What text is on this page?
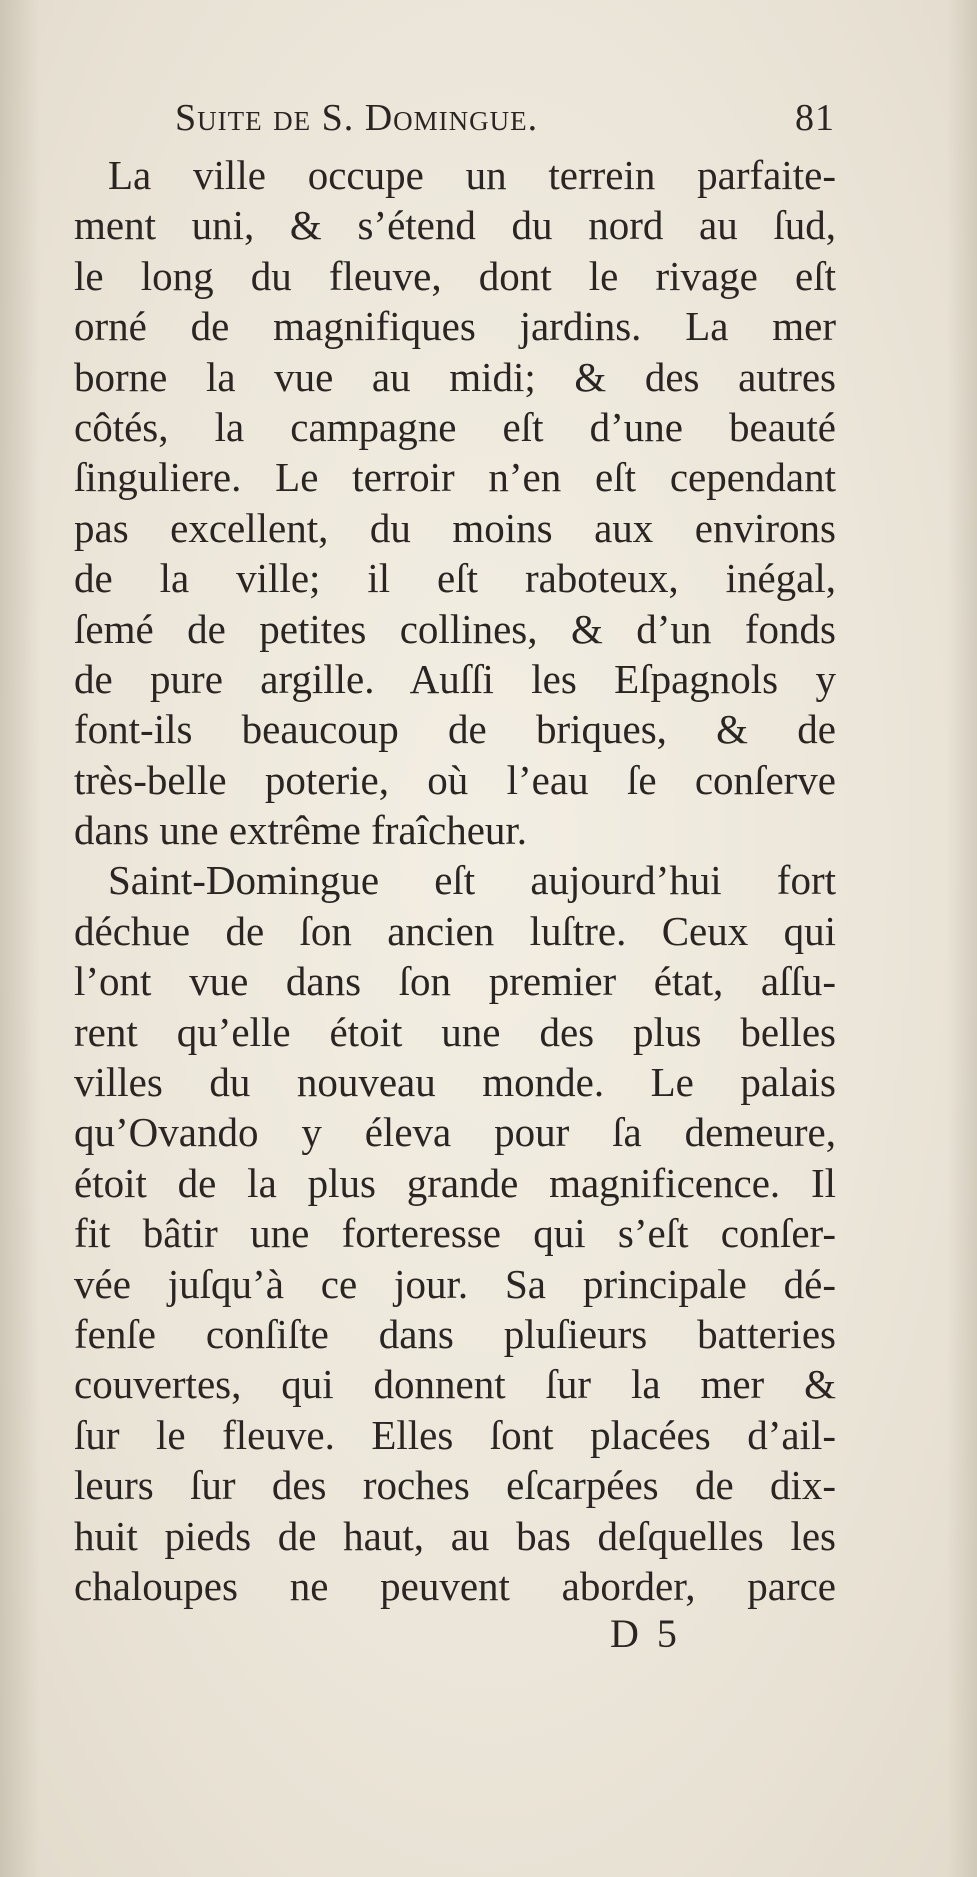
Suite de S. Domingue.	81
La ville occupe un terrein parfaite-
ment uni, & s’étend du nord au ſud,
le long du fleuve, dont le rivage eſt
orné de magnifiques jardins. La mer
borne la vue au midi; & des autres
côtés, la campagne eſt d’une beauté
ſinguliere. Le terroir n’en eſt cependant
pas excellent, du moins aux environs
de la ville; il eſt raboteux, inégal,
ſemé de petites collines, & d’un fonds
de pure argille. Auſſi les Eſpagnols y
font-ils beaucoup de briques, & de
très-belle poterie, où l’eau ſe conſerve
dans une extrême fraîcheur.
Saint-Domingue eſt aujourd’hui fort
déchue de ſon ancien luſtre. Ceux qui
l’ont vue dans ſon premier état, aſſu-
rent qu’elle étoit une des plus belles
villes du nouveau monde. Le palais
qu’Ovando y éleva pour ſa demeure,
étoit de la plus grande magnificence. Il
fit bâtir une forteresse qui s’eſt conſer-
vée juſqu’à ce jour. Sa principale dé-
fenſe conſiſte dans pluſieurs batteries
couvertes, qui donnent ſur la mer &
ſur le fleuve. Elles ſont placées d’ail-
leurs ſur des roches eſcarpées de dix-
huit pieds de haut, au bas deſquelles les
chaloupes ne peuvent aborder, parce
D 5
